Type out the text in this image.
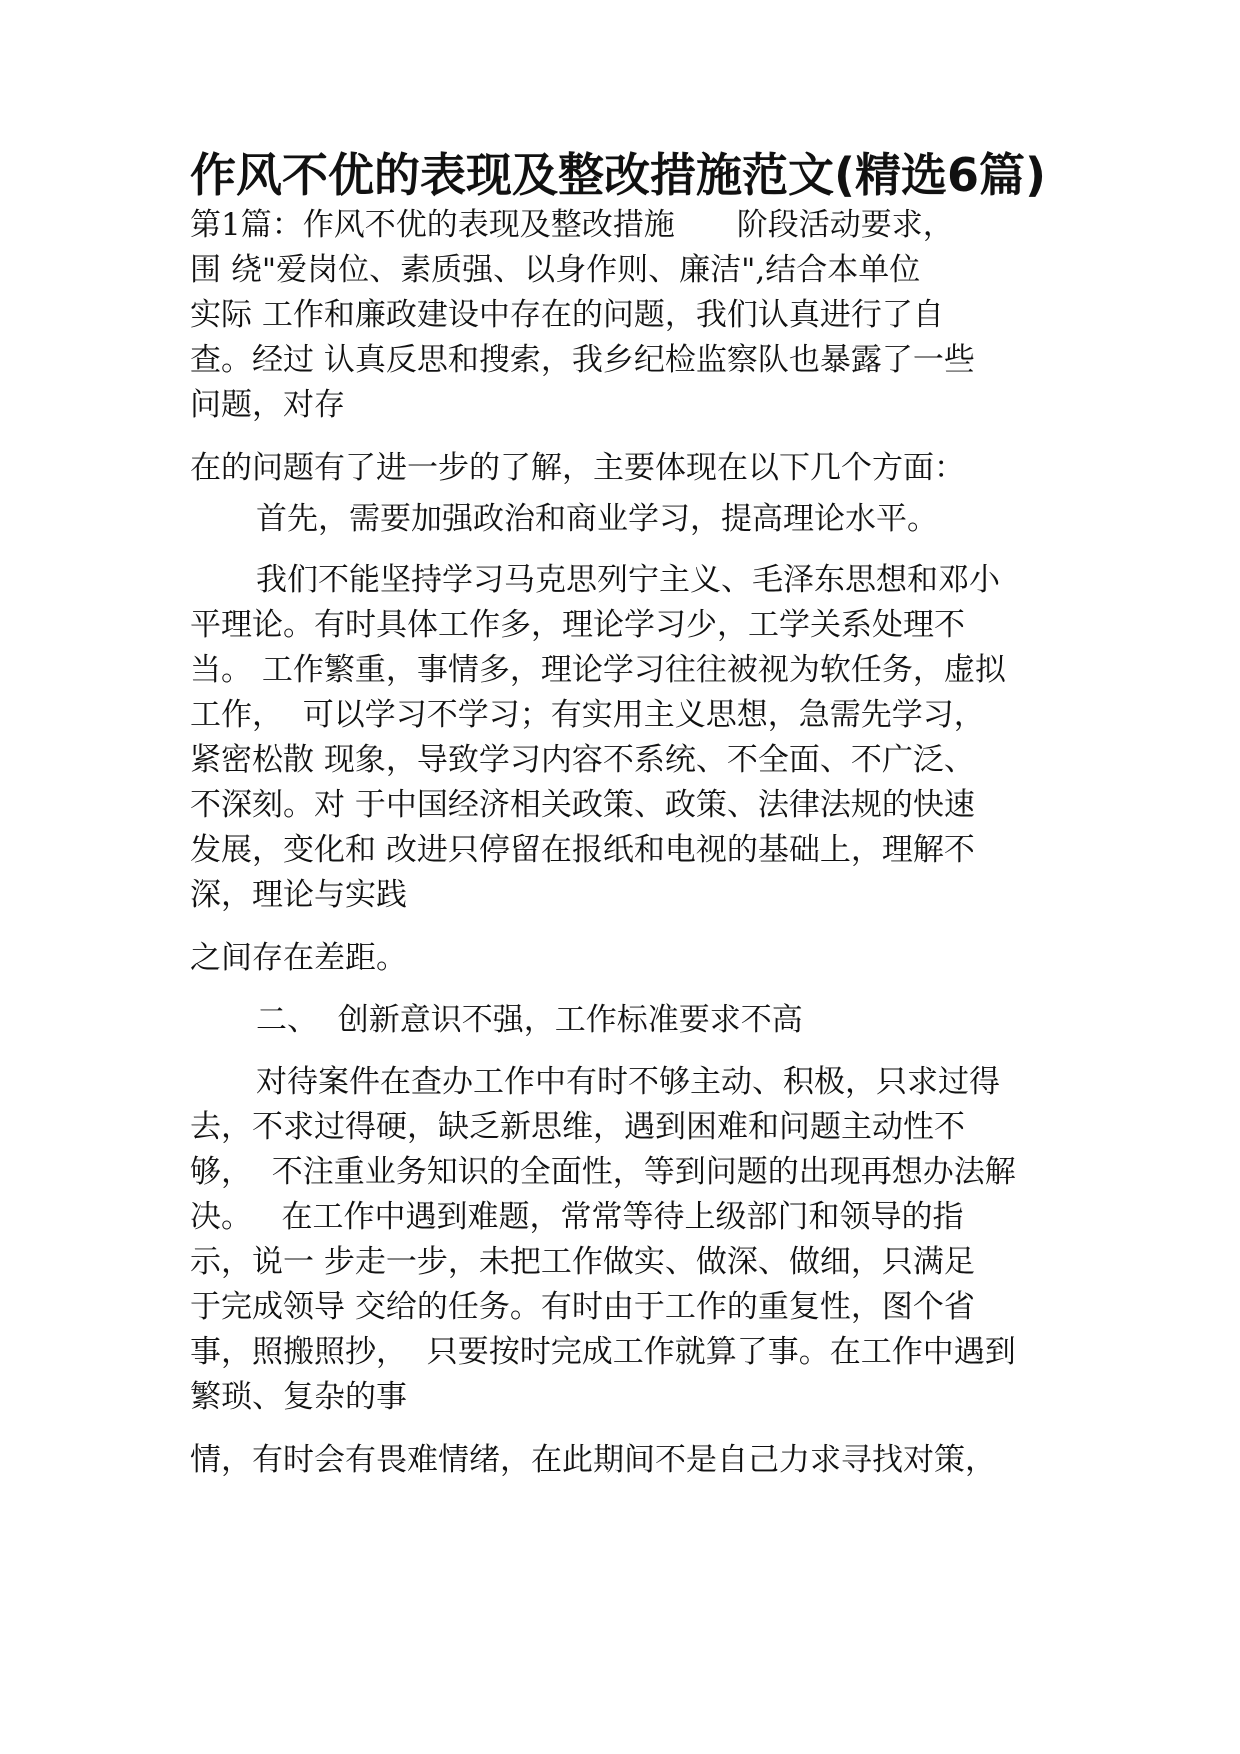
作风不优的表现及整改措施范文(精选6篇)
第1篇：作风不优的表现及整改措施　　阶段活动要求，
围 绕"爱岗位、素质强、以身作则、廉洁",结合本单位
实际 工作和廉政建设中存在的问题，我们认真进行了自
查。经过 认真反思和搜索，我乡纪检监察队也暴露了一些
问题，对存
在的问题有了进一步的了解，主要体现在以下几个方面：
首先，需要加强政治和商业学习，提高理论水平。
我们不能坚持学习马克思列宁主义、毛泽东思想和邓小
平理论。有时具体工作多，理论学习少，工学关系处理不
当。 工作繁重，事情多，理论学习往往被视为软任务，虚拟
工作，  可以学习不学习；有实用主义思想，急需先学习，
紧密松散 现象，导致学习内容不系统、不全面、不广泛、
不深刻。对 于中国经济相关政策、政策、法律法规的快速
发展，变化和 改进只停留在报纸和电视的基础上，理解不
深，理论与实践
之间存在差距。
二、  创新意识不强，工作标准要求不高
对待案件在查办工作中有时不够主动、积极，只求过得
去，不求过得硬，缺乏新思维，遇到困难和问题主动性不
够，  不注重业务知识的全面性，等到问题的出现再想办法解
决。   在工作中遇到难题，常常等待上级部门和领导的指
示，说一 步走一步，未把工作做实、做深、做细，只满足
于完成领导 交给的任务。有时由于工作的重复性，图个省
事，照搬照抄，  只要按时完成工作就算了事。在工作中遇到
繁琐、复杂的事
情，有时会有畏难情绪，在此期间不是自己力求寻找对策，
